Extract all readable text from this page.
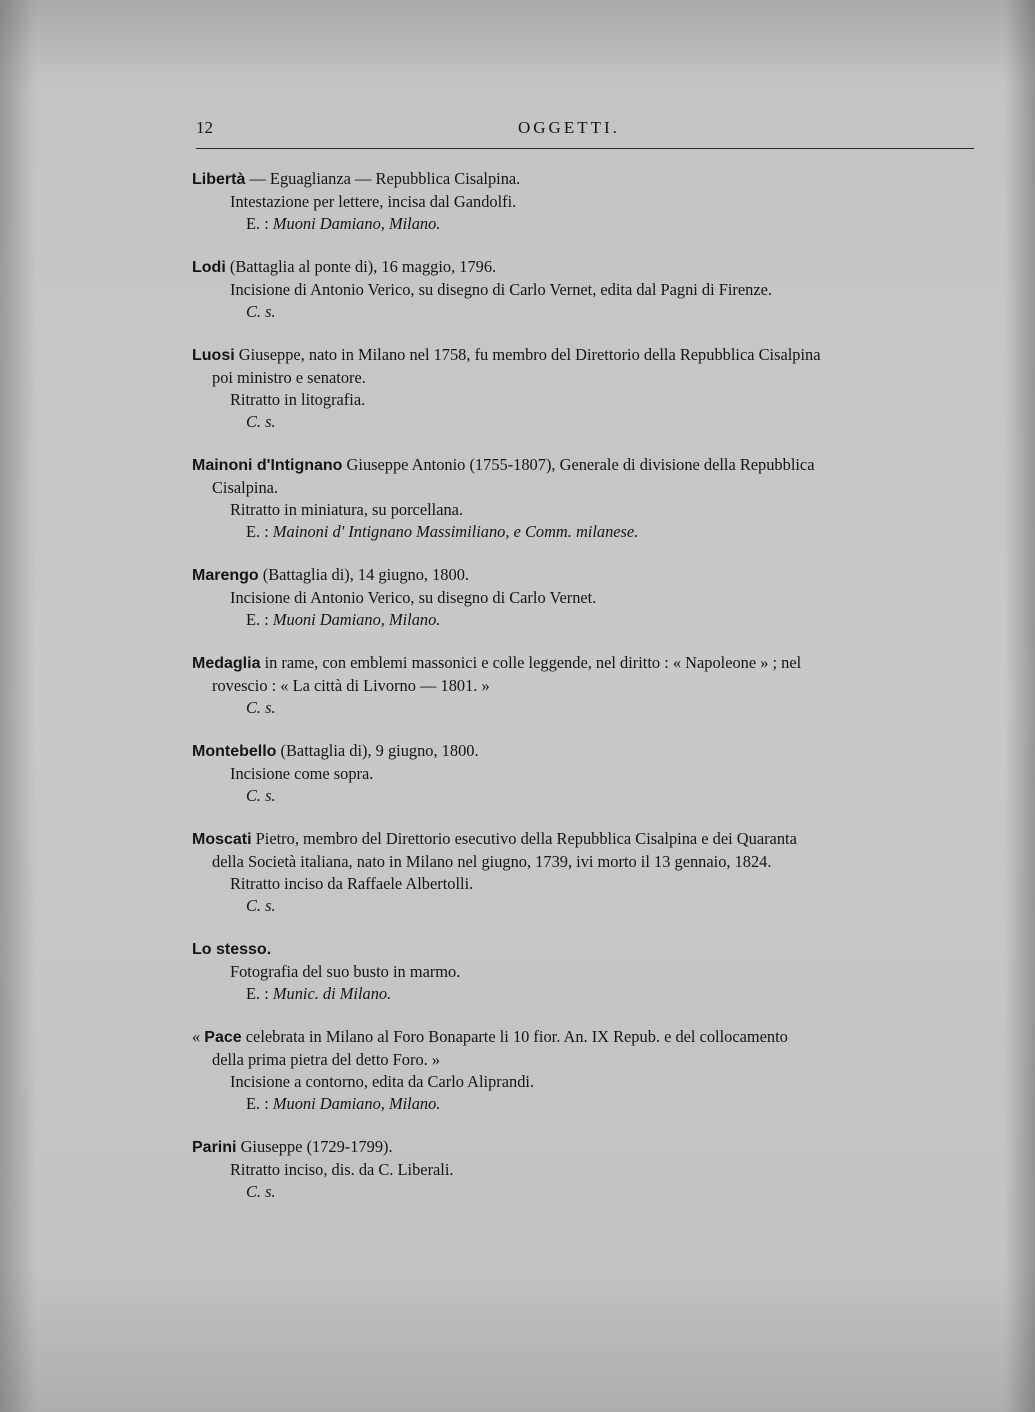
12	OGGETTI.
Libertà — Eguaglianza — Repubblica Cisalpina.
Intestazione per lettere, incisa dal Gandolfi.
E. : Muoni Damiano, Milano.
Lodi (Battaglia al ponte di), 16 maggio, 1796.
Incisione di Antonio Verico, su disegno di Carlo Vernet, edita dal Pagni di Firenze.
C. s.
Luosi Giuseppe, nato in Milano nel 1758, fu membro del Direttorio della Repubblica Cisalpina
poi ministro e senatore.
Ritratto in litografia.
C. s.
Mainoni d'Intignano Giuseppe Antonio (1755-1807), Generale di divisione della Repubblica
Cisalpina.
Ritratto in miniatura, su porcellana.
E. : Mainoni d' Intignano Massimiliano, e Comm. milanese.
Marengo (Battaglia di), 14 giugno, 1800.
Incisione di Antonio Verico, su disegno di Carlo Vernet.
E. : Muoni Damiano, Milano.
Medaglia in rame, con emblemi massonici e colle leggende, nel diritto : « Napoleone » ; nel
rovescio : « La città di Livorno — 1801. »
C. s.
Montebello (Battaglia di), 9 giugno, 1800.
Incisione come sopra.
C. s.
Moscati Pietro, membro del Direttorio esecutivo della Repubblica Cisalpina e dei Quaranta
della Società italiana, nato in Milano nel giugno, 1739, ivi morto il 13 gennaio, 1824.
Ritratto inciso da Raffaele Albertolli.
C. s.
Lo stesso.
Fotografia del suo busto in marmo.
E. : Munic. di Milano.
« Pace celebrata in Milano al Foro Bonaparte li 10 fior. An. IX Repub. e del collocamento
della prima pietra del detto Foro. »
Incisione a contorno, edita da Carlo Aliprandi.
E. : Muoni Damiano, Milano.
Parini Giuseppe (1729-1799).
Ritratto inciso, dis. da C. Liberali.
C. s.
